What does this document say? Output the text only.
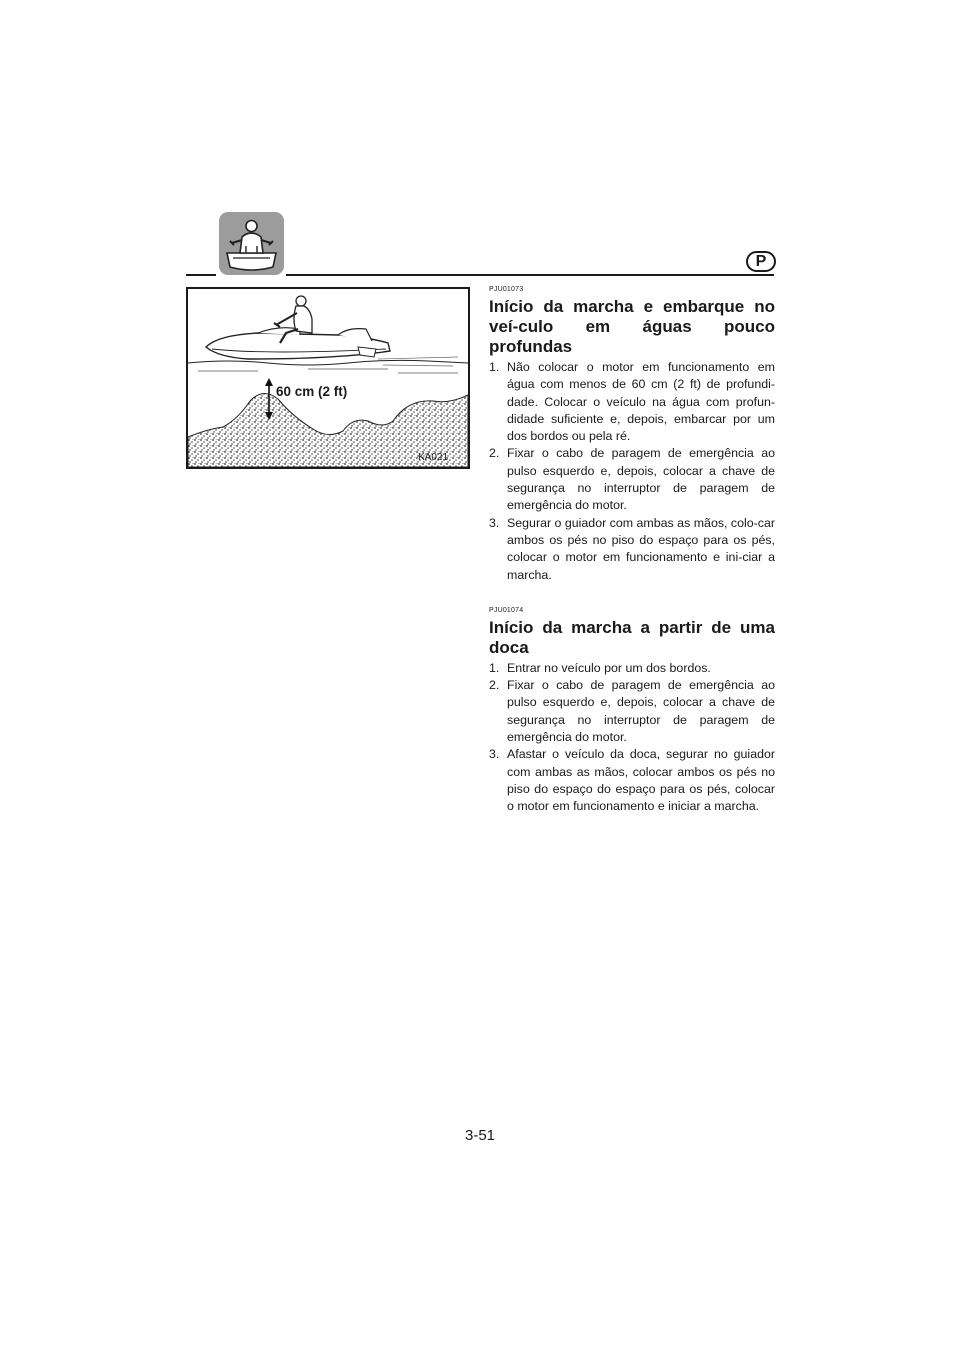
P
60 cm (2 ft)
KA021

PJU01073

Início da marcha e embarque no veí-culo em águas pouco profundas
1. Não colocar o motor em funcionamento em água com menos de 60 cm (2 ft) de profundi-dade. Colocar o veículo na água com profun-didade suficiente e, depois, embarcar por um dos bordos ou pela ré.
2. Fixar o cabo de paragem de emergência ao pulso esquerdo e, depois, colocar a chave de segurança no interruptor de paragem de emergência do motor.
3. Segurar o guiador com ambas as mãos, colo-car ambos os pés no piso do espaço para os pés, colocar o motor em funcionamento e ini-ciar a marcha.

PJU01074

Início da marcha a partir de uma doca
1. Entrar no veículo por um dos bordos.
2. Fixar o cabo de paragem de emergência ao pulso esquerdo e, depois, colocar a chave de segurança no interruptor de paragem de emergência do motor.
3. Afastar o veículo da doca, segurar no guiador com ambas as mãos, colocar ambos os pés no piso do espaço do espaço para os pés, colocar o motor em funcionamento e iniciar a marcha.
3-51
